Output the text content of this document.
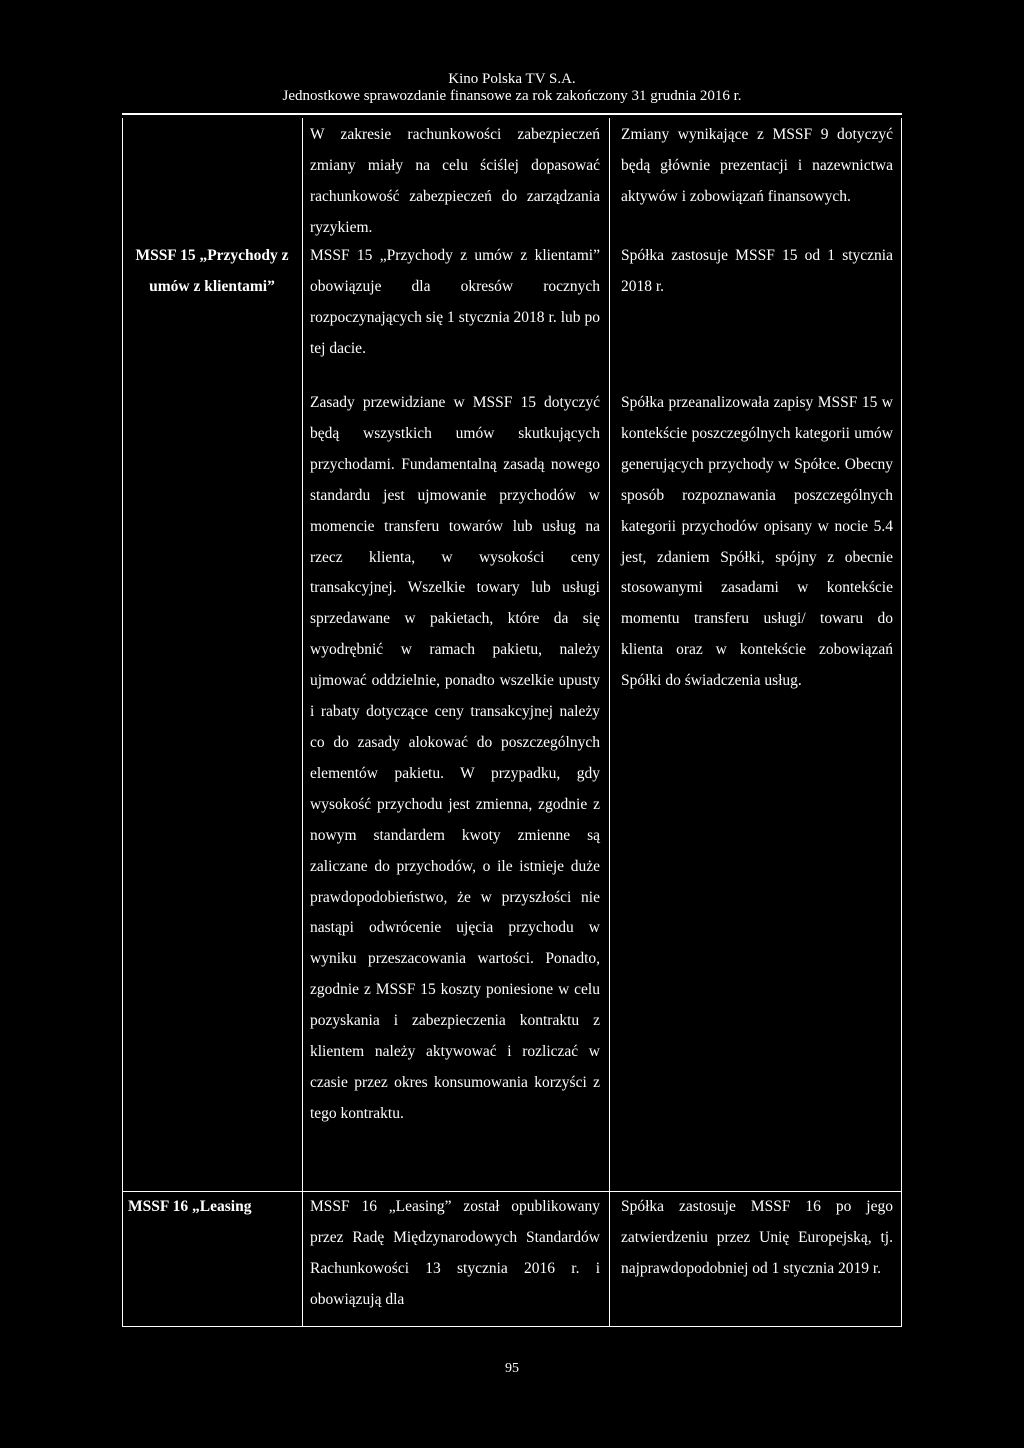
Kino Polska TV S.A.
Jednostkowe sprawozdanie finansowe za rok zakończony 31 grudnia 2016 r.
W zakresie rachunkowości zabezpieczeń zmiany miały na celu ściślej dopasować rachunkowość zabezpieczeń do zarządzania ryzykiem.
Zmiany wynikające z MSSF 9 dotyczyć będą głównie prezentacji i nazewnictwa aktywów i zobowiązań finansowych.
MSSF 15 „Przychody z umów z klientami”
MSSF 15 „Przychody z umów z klientami” obowiązuje dla okresów rocznych rozpoczynających się 1 stycznia 2018 r. lub po tej dacie.
Spółka zastosuje MSSF 15 od 1 stycznia 2018 r.
Zasady przewidziane w MSSF 15 dotyczyć będą wszystkich umów skutkujących przychodami. Fundamentalną zasadą nowego standardu jest ujmowanie przychodów w momencie transferu towarów lub usług na rzecz klienta, w wysokości ceny transakcyjnej. Wszelkie towary lub usługi sprzedawane w pakietach, które da się wyodrębnić w ramach pakietu, należy ujmować oddzielnie, ponadto wszelkie upusty i rabaty dotyczące ceny transakcyjnej należy co do zasady alokować do poszczególnych elementów pakietu. W przypadku, gdy wysokość przychodu jest zmienna, zgodnie z nowym standardem kwoty zmienne są zaliczane do przychodów, o ile istnieje duże prawdopodobieństwo, że w przyszłości nie nastąpi odwrócenie ujęcia przychodu w wyniku przeszacowania wartości. Ponadto, zgodnie z MSSF 15 koszty poniesione w celu pozyskania i zabezpieczenia kontraktu z klientem należy aktywować i rozliczać w czasie przez okres konsumowania korzyści z tego kontraktu.
Spółka przeanalizowała zapisy MSSF 15 w kontekście poszczególnych kategorii umów generujących przychody w Spółce. Obecny sposób rozpoznawania poszczególnych kategorii przychodów opisany w nocie 5.4 jest, zdaniem Spółki, spójny z obecnie stosowanymi zasadami w kontekście momentu transferu usługi/ towaru do klienta oraz w kontekście zobowiązań Spółki do świadczenia usług.
MSSF 16 „Leasing	MSSF 16 „Leasing” został opublikowany przez Radę Międzynarodowych Standardów Rachunkowości 13 stycznia 2016 r. i obowiązują dla
Spółka zastosuje MSSF 16 po jego zatwierdzeniu przez Unię Europejską, tj. najprawdopodobniej od 1 stycznia 2019 r.
95
